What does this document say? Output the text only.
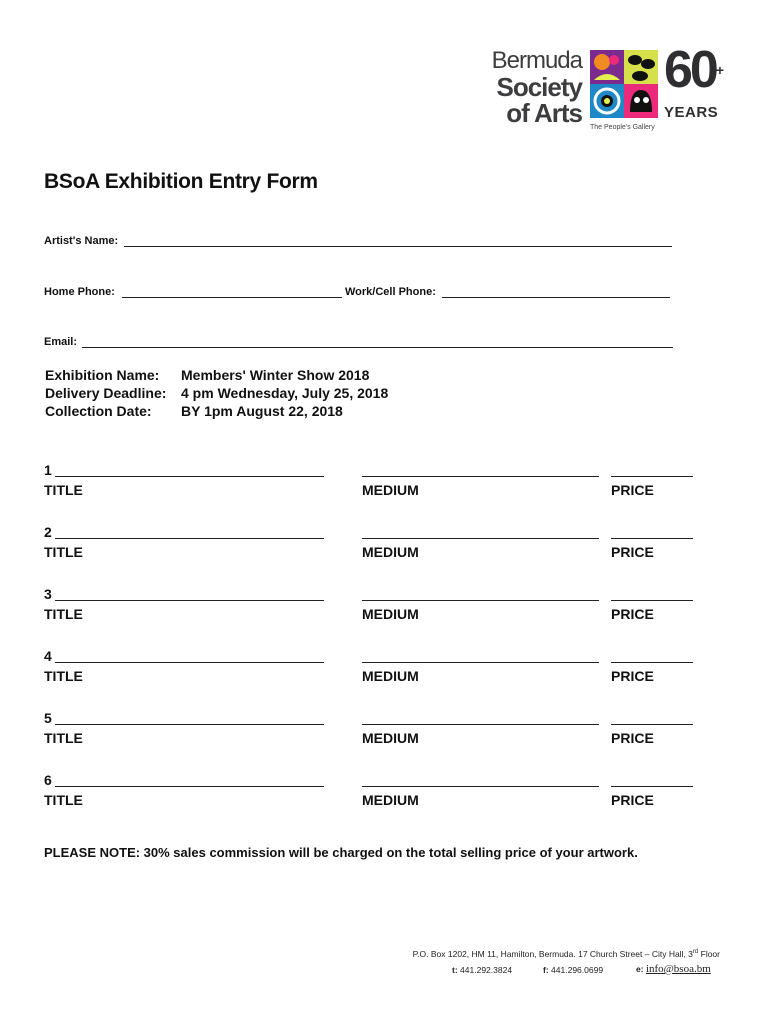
Bermuda
Society
of Arts
60+
YEARS
The People's Gallery
BSoA Exhibition Entry Form
Artist's Name:
Home Phone:	Work/Cell Phone:
Email:
Exhibition Name: Members' Winter Show 2018
Delivery Deadline: 4 pm Wednesday, July 25, 2018
Collection Date: BY 1pm August 22, 2018
1
TITLE	MEDIUM	PRICE
2
TITLE	MEDIUM	PRICE
3
TITLE	MEDIUM	PRICE
4
TITLE	MEDIUM	PRICE
5
TITLE	MEDIUM	PRICE
6
TITLE	MEDIUM	PRICE
PLEASE NOTE: 30% sales commission will be charged on the total selling price of your artwork.
P.O. Box 1202, HM 11, Hamilton, Bermuda. 17 Church Street – City Hall, 3rd Floor
t: 441.292.3824	f: 441.296.0699	e: info@bsoa.bm
